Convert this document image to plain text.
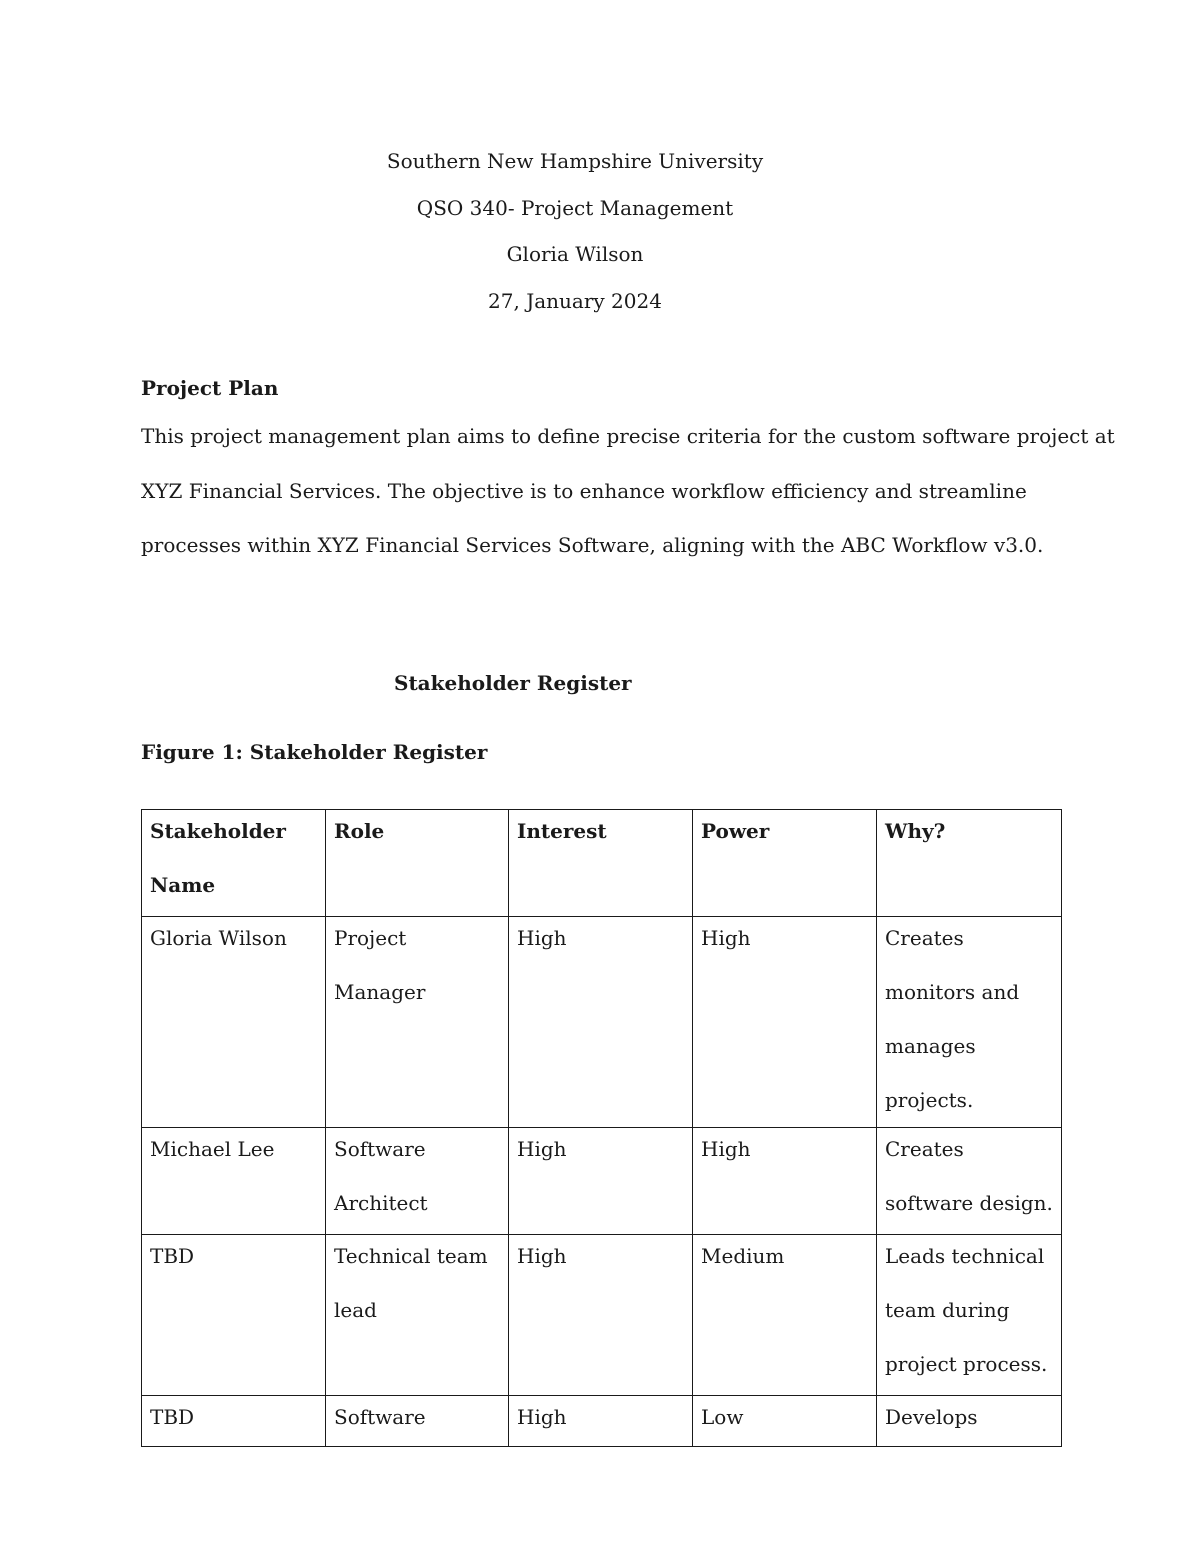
Southern New Hampshire University
QSO 340- Project Management
Gloria Wilson
27, January 2024
Project Plan
This project management plan aims to define precise criteria for the custom software project at
XYZ Financial Services. The objective is to enhance workflow efficiency and streamline
processes within XYZ Financial Services Software, aligning with the ABC Workflow v3.0.
Stakeholder Register
Figure 1: Stakeholder Register
Stakeholder Name	Role	Interest	Power	Why?

Gloria Wilson	Project Manager	High	High	Creates monitors and manages projects.

Michael Lee	Software Architect	High	High	Creates software design.

TBD	Technical team lead	High	Medium	Leads technical team during project process.

TBD	Software	High	Low	Develops
